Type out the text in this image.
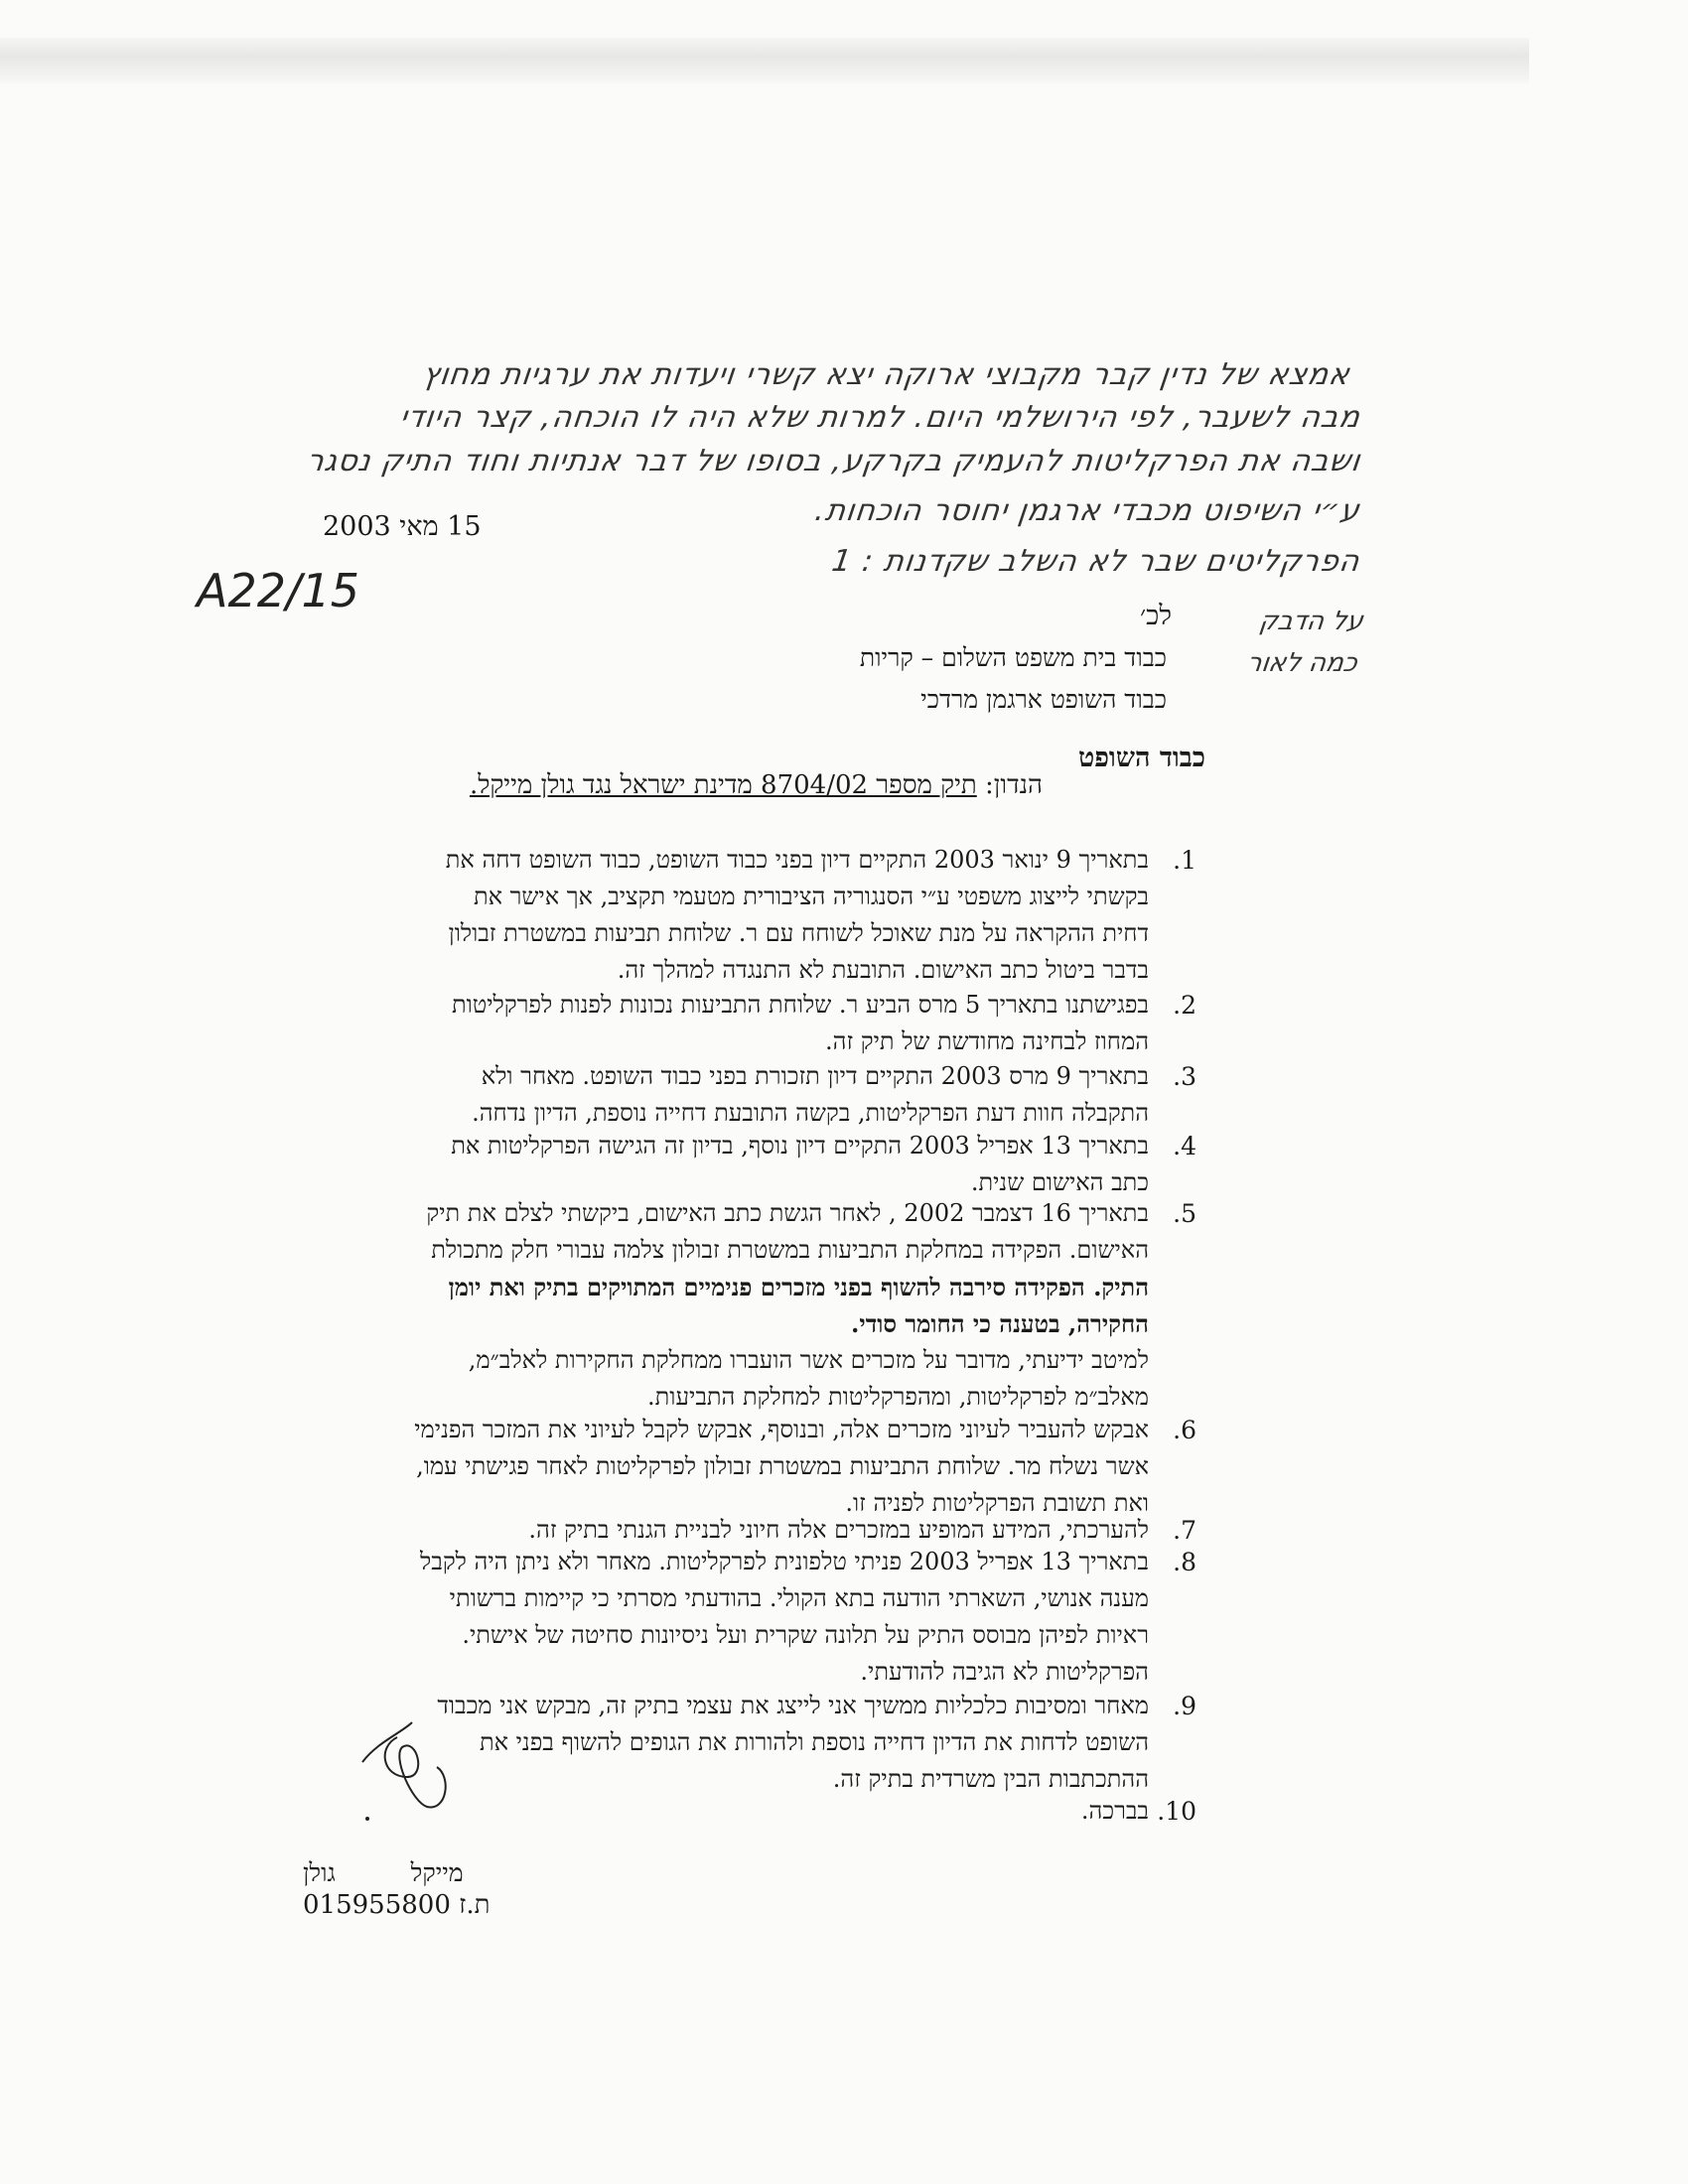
אמצא של נדין קבר מקבוצי ארוקה יצא קשרי ויעדות את ערגיות מחוץ
מבה לשעבר, לפי הירושלמי היום. למרות שלא היה לו הוכחה, קצר היודי
ושבה את הפרקליטות להעמיק בקרקע, בסופו של דבר אנתיות וחוד התיק נסגר
ע״י השיפוט מכבדי ארגמן יחוסר הוכחות.
הפרקליטים שבר לא השלב שקדנות : 1
על הדבק
כמה לאור
15 מאי 2003
A22/15	לכ׳
כבוד בית משפט השלום – קריות
כבוד השופט ארגמן מרדכי
כבוד השופט
הנדון: תיק מספר 8704/02 מדינת ישראל נגד גולן מייקל.
1.

בתאריך 9 ינואר 2003 התקיים דיון בפני כבוד השופט, כבוד השופט דחה את

בקשתי לייצוג משפטי ע״י הסנגוריה הציבורית מטעמי תקציב, אך אישר את

דחית ההקראה על מנת שאוכל לשוחח עם ר. שלוחת תביעות במשטרת זבולון

בדבר ביטול כתב האישום. התובעת לא התנגדה למהלך זה.

2.

בפגישתנו בתאריך 5 מרס הביע ר. שלוחת התביעות נכונות לפנות לפרקליטות

המחוז לבחינה מחודשת של תיק זה.

3.

בתאריך 9 מרס 2003 התקיים דיון תזכורת בפני כבוד השופט. מאחר ולא

התקבלה חוות דעת הפרקליטות, בקשה התובעת דחייה נוספת, הדיון נדחה.

4.

בתאריך 13 אפריל 2003 התקיים דיון נוסף, בדיון זה הגישה הפרקליטות את

כתב האישום שנית.

5.

בתאריך 16 דצמבר 2002 , לאחר הגשת כתב האישום, ביקשתי לצלם את תיק

האישום. הפקידה במחלקת התביעות במשטרת זבולון צלמה עבורי חלק מתכולת

התיק. הפקידה סירבה להשוף בפני מזכרים פנימיים המתויקים בתיק ואת יומן

החקירה, בטענה כי החומר סודי.

למיטב ידיעתי, מדובר על מזכרים אשר הועברו ממחלקת החקירות לאלב״מ,

מאלב״מ לפרקליטות, ומהפרקליטות למחלקת התביעות.

6.

אבקש להעביר לעיוני מזכרים אלה, ובנוסף, אבקש לקבל לעיוני את המזכר הפנימי

אשר נשלח מר. שלוחת התביעות במשטרת זבולון לפרקליטות לאחר פגישתי עמו,

ואת תשובת הפרקליטות לפניה זו.

7.

להערכתי, המידע המופיע במזכרים אלה חיוני לבניית הגנתי בתיק זה.

8.

בתאריך 13 אפריל 2003 פניתי טלפונית לפרקליטות. מאחר ולא ניתן היה לקבל

מענה אנושי, השארתי הודעה בתא הקולי. בהודעתי מסרתי כי קיימות ברשותי

ראיות לפיהן מבוסס התיק על תלונה שקרית ועל ניסיונות סחיטה של אישתי.

הפרקליטות לא הגיבה להודעתי.

9.

מאחר ומסיבות כלכליות ממשיך אני לייצג את עצמי בתיק זה, מבקש אני מכבוד

השופט לדחות את הדיון דחייה נוספת ולהורות את הגופים להשוף בפני את

ההתכתבות הבין משרדית בתיק זה.

10.

בברכה.

מייקל  גולן
ת.ז 015955800
